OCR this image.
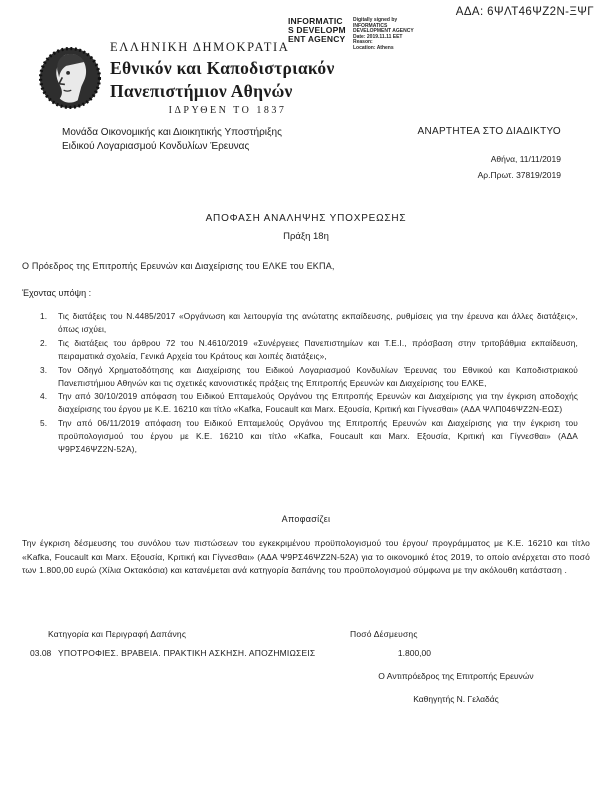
ΑΔΑ: 6ΨΛΤ46ΨΖ2Ν-ΞΨΓ
INFORMATICS DEVELOPMENT AGENCY
Digitally signed by
INFORMATICS
DEVELOPMENT AGENCY
Date: 2019.11.11 EET
Reason:
Location: Athens
ΕΛΛΗΝΙΚΗ ΔΗΜΟΚΡΑΤΙΑ
Εθνικόν και Καποδιστριακόν
Πανεπιστήμιον Αθηνών
ΙΔΡΥΘΕΝ ΤΟ 1837
Μονάδα Οικονομικής και Διοικητικής Υποστήριξης
Ειδικού Λογαριασμού Κονδυλίων Έρευνας
ΑΝΑΡΤΗΤΕΑ ΣΤΟ ΔΙΑΔΙΚΤΥΟ
Αθήνα, 11/11/2019
Αρ.Πρωτ. 37819/2019
ΑΠΟΦΑΣΗ ΑΝΑΛΗΨΗΣ ΥΠΟΧΡΕΩΣΗΣ
Πράξη 18η
Ο Πρόεδρος της Επιτροπής Ερευνών και Διαχείρισης του ΕΛΚΕ του ΕΚΠΑ,
Έχοντας υπόψη :
Τις διατάξεις του Ν.4485/2017 «Οργάνωση και λειτουργία της ανώτατης εκπαίδευσης, ρυθμίσεις για την έρευνα και άλλες διατάξεις», όπως ισχύει,
Τις διατάξεις του άρθρου 72 του Ν.4610/2019 «Συνέργειες Πανεπιστημίων και Τ.Ε.Ι., πρόσβαση στην τριτοβάθμια εκπαίδευση, πειραματικά σχολεία, Γενικά Αρχεία του Κράτους και λοιπές διατάξεις»,
Τον Οδηγό Χρηματοδότησης και Διαχείρισης του Ειδικού Λογαριασμού Κονδυλίων Έρευνας του Εθνικού και Καποδιστριακού Πανεπιστήμιου Αθηνών και τις σχετικές κανονιστικές πράξεις της Επιτροπής Ερευνών και Διαχείρισης του ΕΛΚΕ,
Την από 30/10/2019 απόφαση του Ειδικού Επταμελούς Οργάνου της Επιτροπής Ερευνών και Διαχείρισης για την έγκριση αποδοχής διαχείρισης του έργου με Κ.Ε. 16210 και τίτλο «Kafka, Foucault και Marx. Εξουσία, Κριτική και Γίγνεσθαι» (ΑΔΑ ΨΛΠ046ΨΖ2Ν-ΕΩΣ)
Την από 06/11/2019 απόφαση του Ειδικού Επταμελούς Οργάνου της Επιτροπής Ερευνών και Διαχείρισης για την έγκριση του προϋπολογισμού του έργου με Κ.Ε. 16210 και τίτλο «Kafka, Foucault και Marx. Εξουσία, Κριτική και Γίγνεσθαι» (ΑΔΑ Ψ9ΡΣ46ΨΖ2Ν-52Α),
Αποφασίζει
Την έγκριση δέσμευσης του συνόλου των πιστώσεων του εγκεκριμένου προϋπολογισμού του έργου/ προγράμματος με Κ.Ε. 16210 και τίτλο «Kafka, Foucault και Marx. Εξουσία, Κριτική και Γίγνεσθαι» (ΑΔΑ Ψ9ΡΣ46ΨΖ2Ν-52Α) για το οικονομικό έτος 2019, το οποίο ανέρχεται στο ποσό των 1.800,00 ευρώ (Χίλια Οκτακόσια) και κατανέμεται ανά κατηγορία δαπάνης του προϋπολογισμού σύμφωνα με την ακόλουθη κατάσταση .
Κατηγορία και Περιγραφή Δαπάνης	Ποσό Δέσμευσης
03.08 ΥΠΟΤΡΟΦΙΕΣ. ΒΡΑΒΕΙΑ. ΠΡΑΚΤΙΚΗ ΑΣΚΗΣΗ. ΑΠΟΖΗΜΙΩΣΕΙΣ	1.800,00
Ο Αντιπρόεδρος της Επιτροπής Ερευνών
Καθηγητής Ν. Γελαδάς
